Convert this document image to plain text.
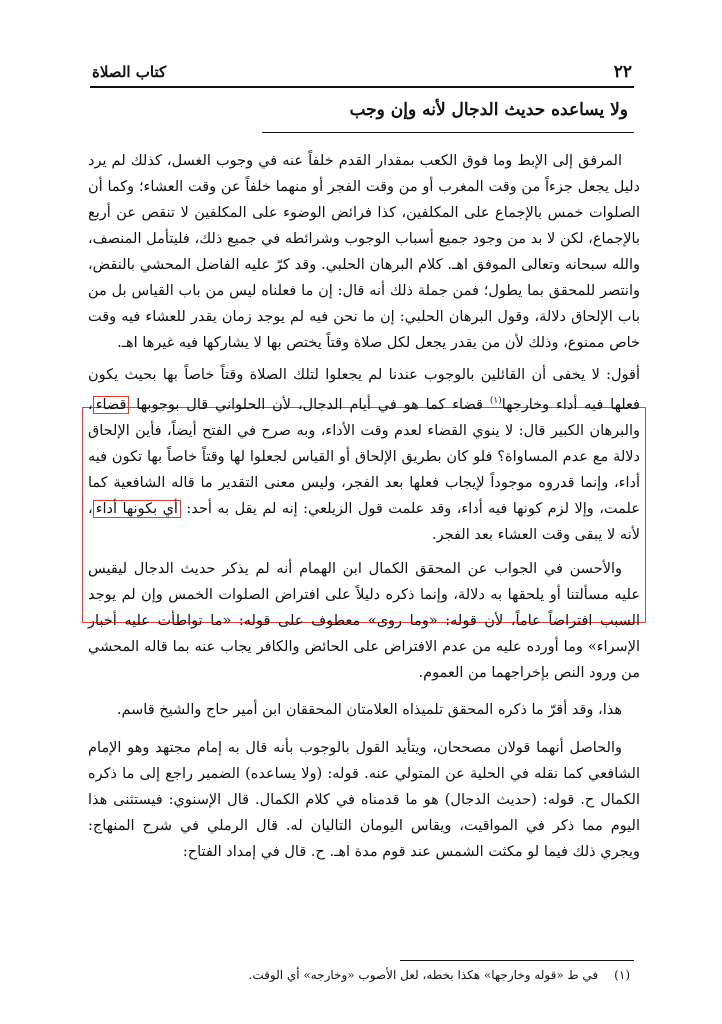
٢٢
كتاب الصلاة
ولا يساعده حديث الدجال لأنه وإن وجب

المرفق إلى الإبط وما فوق الكعب بمقدار القدم خلفاً عنه في وجوب الغسل، كذلك لم يرد دليل يجعل جزءاً من وقت المغرب أو من وقت الفجر أو منهما خلفاً عن وقت العشاء؛ وكما أن الصلوات خمس بالإجماع على المكلفين، كذا فرائض الوضوء على المكلفين لا تنقص عن أربع بالإجماع، لكن لا بد من وجود جميع أسباب الوجوب وشرائطه في جميع ذلك، فليتأمل المنصف، والله سبحانه وتعالى الموفق اهـ. كلام البرهان الحلبي. وقد كرّ عليه الفاضل المحشي بالنقض، وانتصر للمحقق بما يطول؛ فمن جملة ذلك أنه قال: إن ما فعلناه ليس من باب القياس بل من باب الإلحاق دلالة، وقول البرهان الحلبي: إن ما نحن فيه لم يوجد زمان يقدر للعشاء فيه وقت خاص ممنوع، وذلك لأن من يقدر يجعل لكل صلاة وقتاً يختص بها لا يشاركها فيه غيرها اهـ.

أقول: لا يخفى أن القائلين بالوجوب عندنا لم يجعلوا لتلك الصلاة وقتاً خاصاً بها بحيث يكون فعلها فيه أداء وخارجها$^{(١)}$ قضاء كما هو في أيام الدجال، لأن الحلواني قال بوجوبها قضاء، والبرهان الكبير قال: لا ينوي القضاء لعدم وقت الأداء، وبه صرح في الفتح أيضاً، فأين الإلحاق دلالة مع عدم المساواة؟ فلو كان بطريق الإلحاق أو القياس لجعلوا لها وقتاً خاصاً بها تكون فيه أداء، وإنما قدروه موجوداً لإيجاب فعلها بعد الفجر، وليس معنى التقدير ما قاله الشافعية كما علمت، وإلا لزم كونها فيه أداء، وقد علمت قول الزيلعي: إنه لم يقل به أحد: أي بكونها أداء، لأنه لا يبقى وقت العشاء بعد الفجر.

والأحسن في الجواب عن المحقق الكمال ابن الهمام أنه لم يذكر حديث الدجال ليقيس عليه مسألتنا أو يلحقها به دلالة، وإنما ذكره دليلاً على افتراض الصلوات الخمس وإن لم يوجد السبب افتراضاً عاماً، لأن قوله: «وما روى» معطوف على قوله: «ما تواطأت عليه أخبار الإسراء» وما أورده عليه من عدم الافتراض على الحائض والكافر يجاب عنه بما قاله المحشي من ورود النص بإخراجهما من العموم.

هذا، وقد أقرّ ما ذكره المحقق تلميذاه العلامتان المحققان ابن أمير حاج والشيخ قاسم.

والحاصل أنهما قولان مصححان، ويتأيد القول بالوجوب بأنه قال به إمام مجتهد وهو الإمام الشافعي كما نقله في الحلية عن المتولي عنه. قوله: (ولا يساعده) الضمير راجع إلى ما ذكره الكمال ح. قوله: (حديث الدجال) هو ما قدمناه في كلام الكمال. قال الإسنوي: فيستثنى هذا اليوم مما ذكر في المواقيت، ويقاس اليومان التاليان له. قال الرملي في شرح المنهاج: ويجري ذلك فيما لو مكثت الشمس عند قوم مدة اهـ. ح. قال في إمداد الفتاح:

(١)في ط «قوله وخارجها» هكذا بخطه، لعل الأصوب «وخارجه» أي الوقت.
